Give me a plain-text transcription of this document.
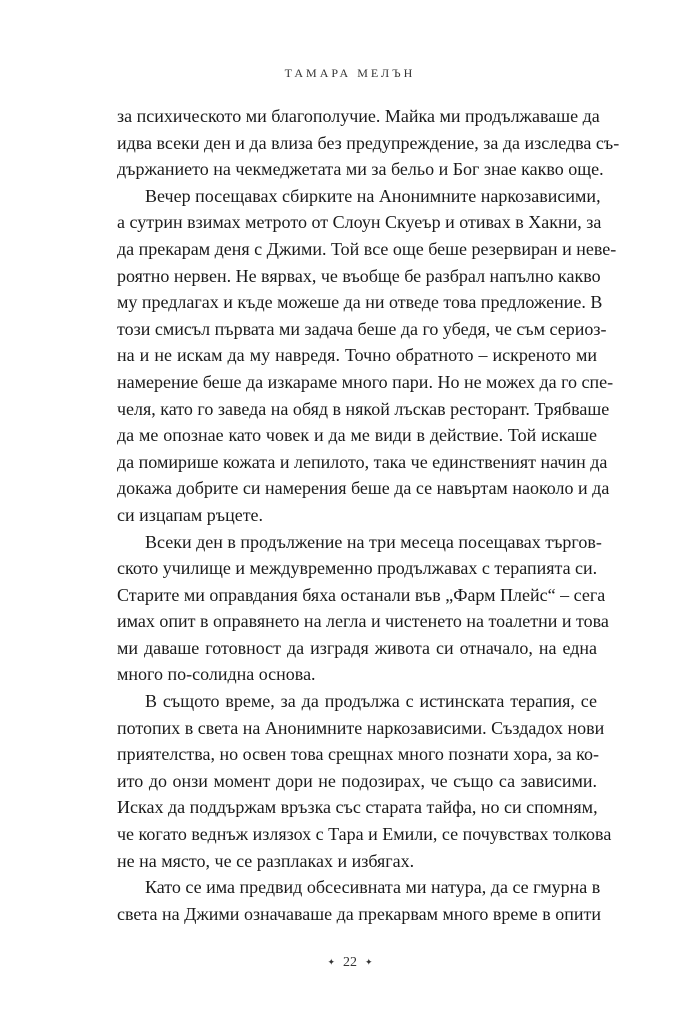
ТАМАРА МЕЛЪН
за психическото ми благополучие. Майка ми продължаваше да
идва всеки ден и да влиза без предупреждение, за да изследва съ-
държанието на чекмеджетата ми за бельо и Бог знае какво още.
Вечер посещавах сбирките на Анонимните наркозависими,
а сутрин взимах метрото от Слоун Скуеър и отивах в Хакни, за
да прекарам деня с Джими. Той все още беше резервиран и неве-
роятно нервен. Не вярвах, че въобще бе разбрал напълно какво
му предлагах и къде можеше да ни отведе това предложение. В
този смисъл първата ми задача беше да го убедя, че съм сериоз-
на и не искам да му навредя. Точно обратното – искреното ми
намерение беше да изкараме много пари. Но не можех да го спе-
челя, като го заведа на обяд в някой лъскав ресторант. Трябваше
да ме опознае като човек и да ме види в действие. Той искаше
да помирише кожата и лепилото, така че единственият начин да
докажа добрите си намерения беше да се навъртам наоколо и да
си изцапам ръцете.
Всеки ден в продължение на три месеца посещавах търгов-
ското училище и междувременно продължавах с терапията си.
Старите ми оправдания бяха останали във „Фарм Плейс“ – сега
имах опит в оправянето на легла и чистенето на тоалетни и това
ми даваше готовност да изградя живота си отначало, на една
много по-солидна основа.
В същото време, за да продължа с истинската терапия, се
потопих в света на Анонимните наркозависими. Създадох нови
приятелства, но освен това срещнах много познати хора, за ко-
ито до онзи момент дори не подозирах, че също са зависими.
Исках да поддържам връзка със старата тайфа, но си спомням,
че когато веднъж излязох с Тара и Емили, се почувствах толкова
не на място, че се разплаках и избягах.
Като се има предвид обсесивната ми натура, да се гмурна в
света на Джими означаваше да прекарвам много време в опити
✦ 22 ✦
